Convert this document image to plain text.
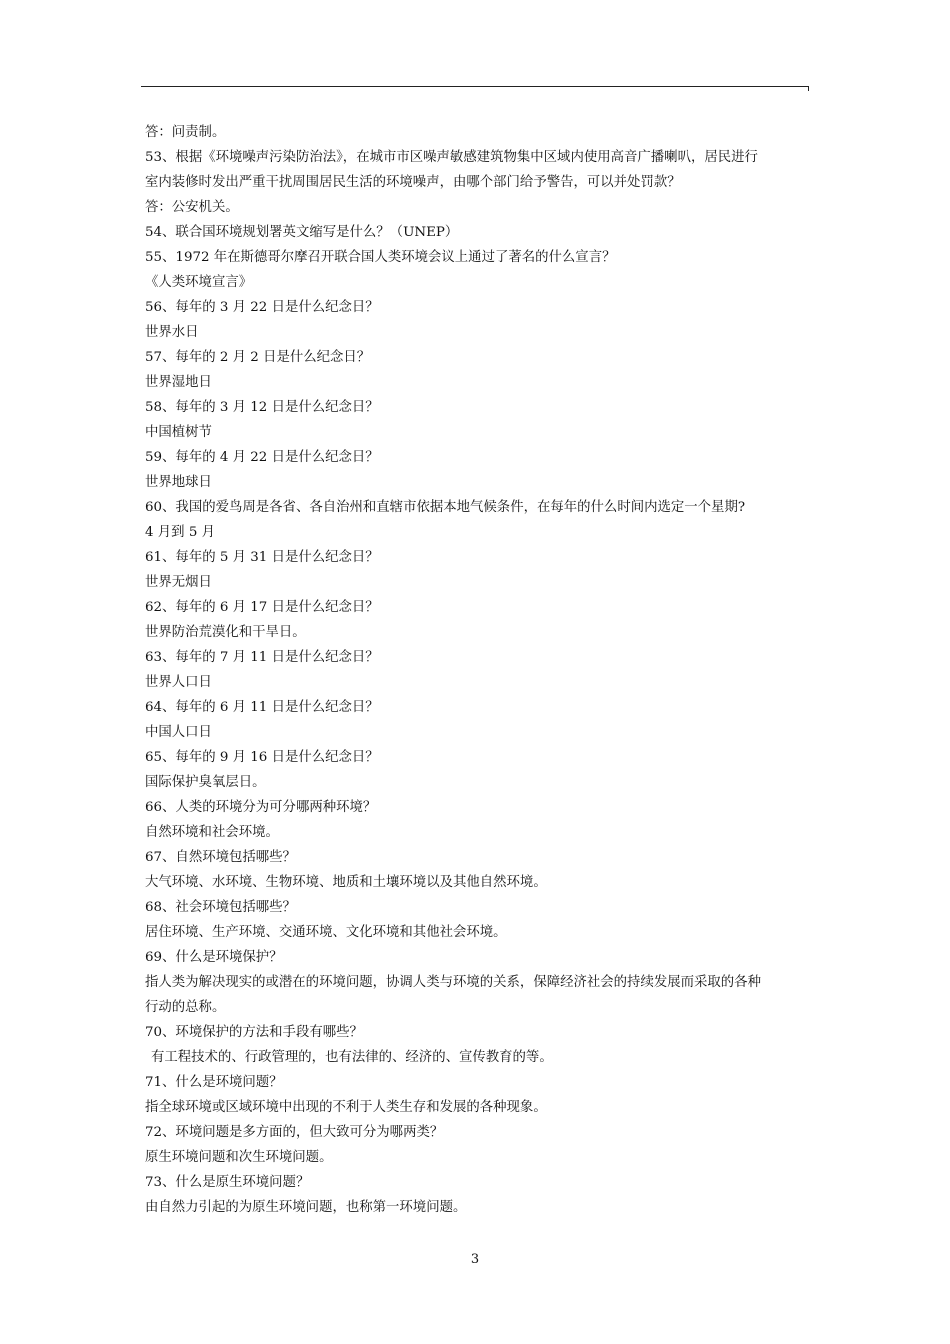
答：问责制。
53、根据《环境噪声污染防治法》，在城市市区噪声敏感建筑物集中区域内使用高音广播喇叭，居民进行
室内装修时发出严重干扰周围居民生活的环境噪声，由哪个部门给予警告，可以并处罚款？
答：公安机关。
54、联合国环境规划署英文缩写是什么？（UNEP）
55、1972 年在斯德哥尔摩召开联合国人类环境会议上通过了著名的什么宣言？
《人类环境宣言》
56、每年的 3 月 22 日是什么纪念日？
世界水日
57、每年的 2 月 2 日是什么纪念日？
世界湿地日
58、每年的 3 月 12 日是什么纪念日？
中国植树节
59、每年的 4 月 22 日是什么纪念日？
世界地球日
60、我国的爱鸟周是各省、各自治州和直辖市依据本地气候条件，在每年的什么时间内选定一个星期?
4 月到 5 月
61、每年的 5 月 31 日是什么纪念日？
世界无烟日
62、每年的 6 月 17 日是什么纪念日？
世界防治荒漠化和干旱日。
63、每年的 7 月 11 日是什么纪念日？
世界人口日
64、每年的 6 月 11 日是什么纪念日？
中国人口日
65、每年的 9 月 16 日是什么纪念日？
国际保护臭氧层日。
66、人类的环境分为可分哪两种环境？
自然环境和社会环境。
67、自然环境包括哪些？
大气环境、水环境、生物环境、地质和土壤环境以及其他自然环境。
68、社会环境包括哪些？
居住环境、生产环境、交通环境、文化环境和其他社会环境。
69、什么是环境保护？
指人类为解决现实的或潜在的环境问题，协调人类与环境的关系，保障经济社会的持续发展而采取的各种
行动的总称。
70、环境保护的方法和手段有哪些？
有工程技术的、行政管理的，也有法律的、经济的、宣传教育的等。
71、什么是环境问题？
指全球环境或区域环境中出现的不利于人类生存和发展的各种现象。
72、环境问题是多方面的，但大致可分为哪两类？
原生环境问题和次生环境问题。
73、什么是原生环境问题？
由自然力引起的为原生环境问题，也称第一环境问题。
3
